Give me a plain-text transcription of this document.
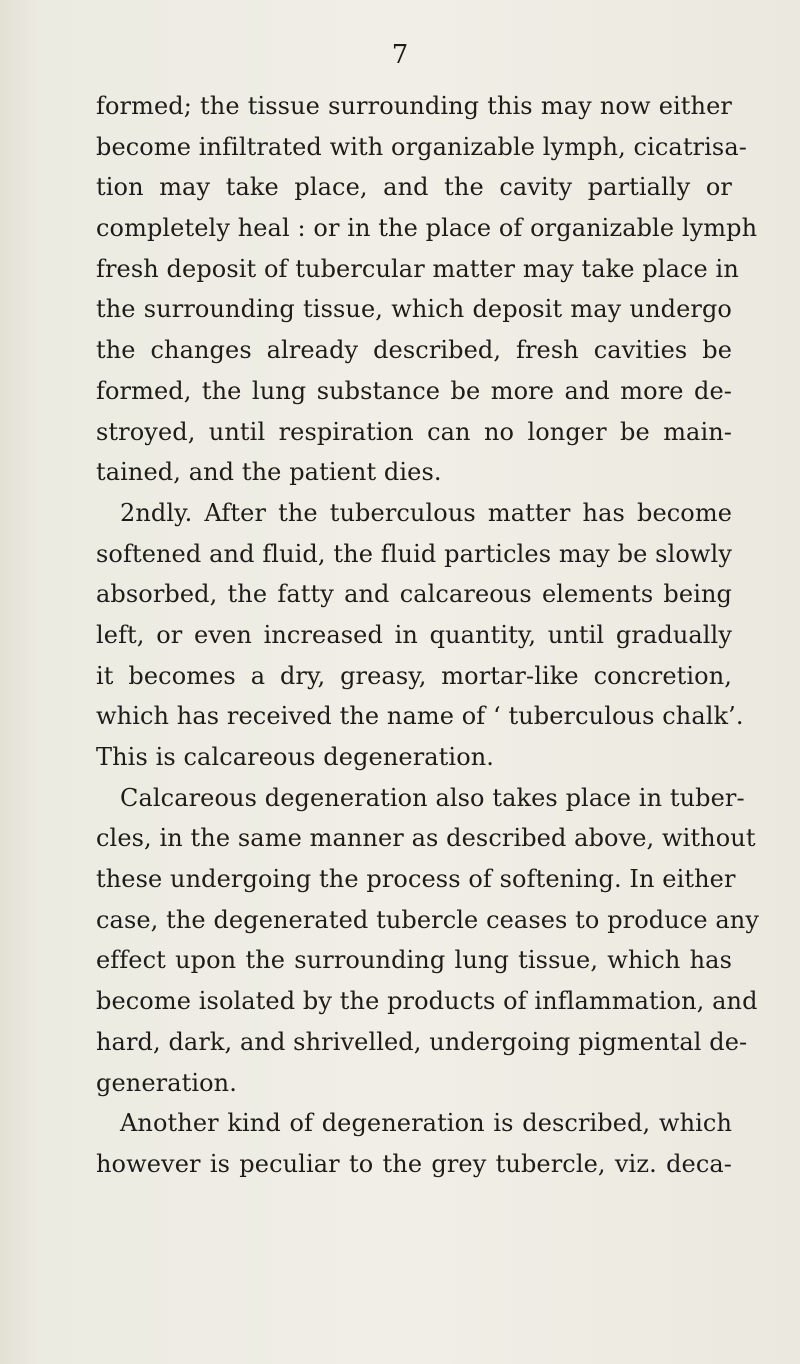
7
formed; the tissue surrounding this may now either
become infiltrated with organizable lymph, cicatrisa-
tion may take place, and the cavity partially or
completely heal : or in the place of organizable lymph
fresh deposit of tubercular matter may take place in
the surrounding tissue, which deposit may undergo
the changes already described, fresh cavities be
formed, the lung substance be more and more de-
stroyed, until respiration can no longer be main-
tained, and the patient dies.
2ndly. After the tuberculous matter has become
softened and fluid, the fluid particles may be slowly
absorbed, the fatty and calcareous elements being
left, or even increased in quantity, until gradually
it becomes a dry, greasy, mortar-like concretion,
which has received the name of ‘ tuberculous chalk’.
This is calcareous degeneration.
Calcareous degeneration also takes place in tuber-
cles, in the same manner as described above, without
these undergoing the process of softening. In either
case, the degenerated tubercle ceases to produce any
effect upon the surrounding lung tissue, which has
become isolated by the products of inflammation, and
hard, dark, and shrivelled, undergoing pigmental de-
generation.
Another kind of degeneration is described, which
however is peculiar to the grey tubercle, viz. deca-
